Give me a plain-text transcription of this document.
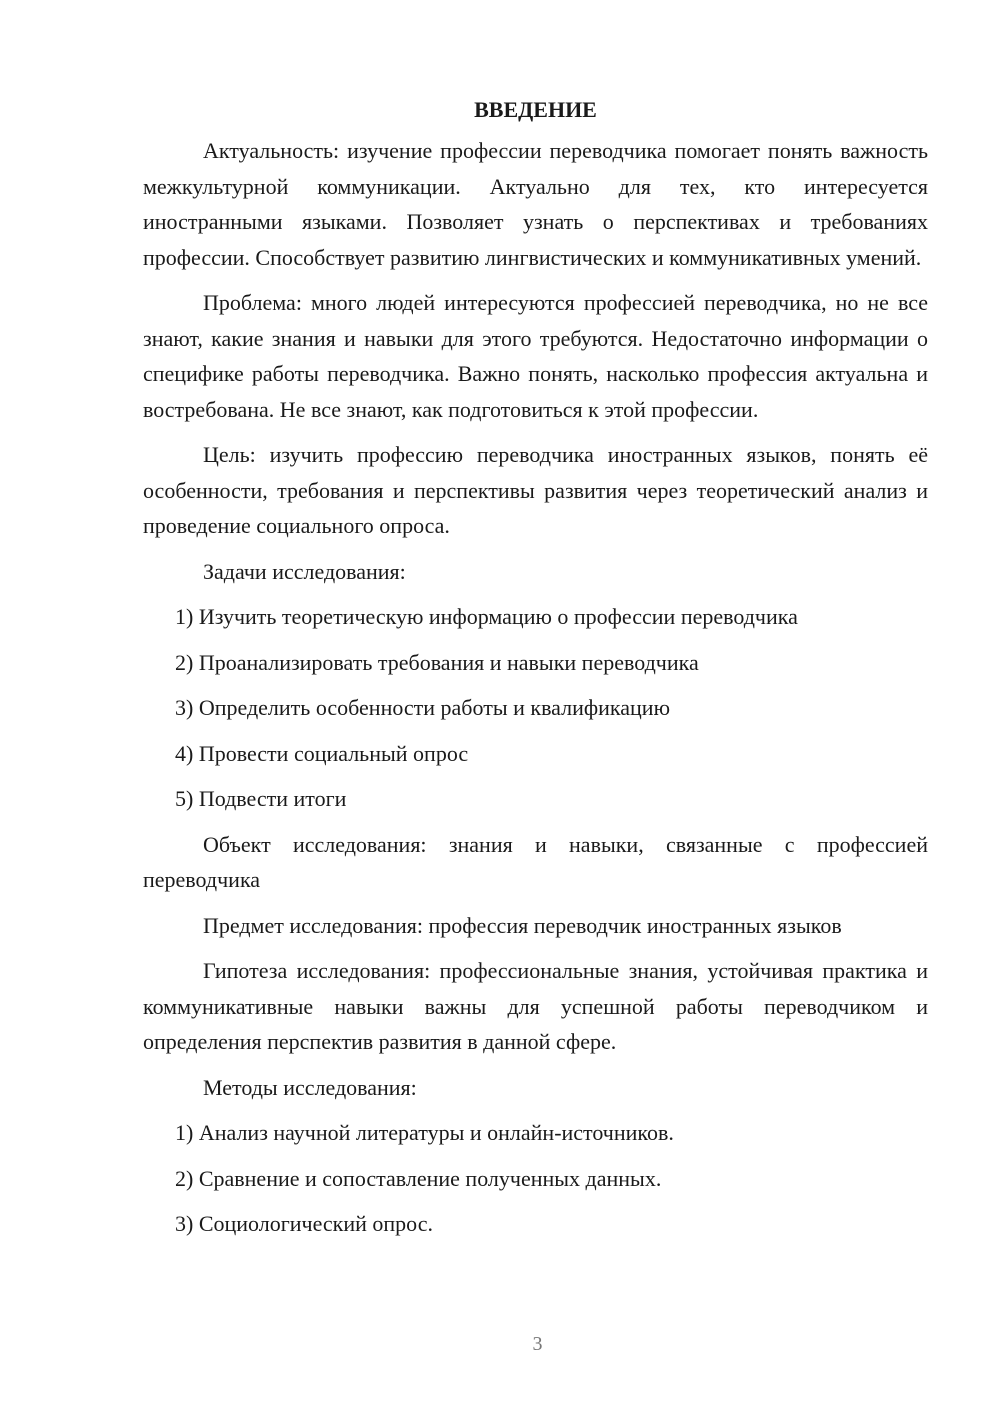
ВВЕДЕНИЕ

Актуальность: изучение профессии переводчика помогает понять важность межкультурной коммуникации. Актуально для тех, кто интересуется иностранными языками. Позволяет узнать о перспективах и требованиях профессии. Способствует развитию лингвистических и коммуникативных умений.

Проблема: много людей интересуются профессией переводчика, но не все знают, какие знания и навыки для этого требуются. Недостаточно информации о специфике работы переводчика. Важно понять, насколько профессия актуальна и востребована. Не все знают, как подготовиться к этой профессии.

Цель: изучить профессию переводчика иностранных языков, понять её особенности, требования и перспективы развития через теоретический анализ и проведение социального опроса.

Задачи исследования:

1) Изучить теоретическую информацию о профессии переводчика

2) Проанализировать требования и навыки переводчика

3) Определить особенности работы и квалификацию

4) Провести социальный опрос

5) Подвести итоги

Объект исследования: знания и навыки, связанные с профессией переводчика

Предмет исследования: профессия переводчик иностранных языков

Гипотеза исследования: профессиональные знания, устойчивая практика и коммуникативные навыки важны для успешной работы переводчиком и определения перспектив развития в данной сфере.

Методы исследования:

1) Анализ научной литературы и онлайн-источников.

2) Сравнение и сопоставление полученных данных.

3) Социологический опрос.

3
